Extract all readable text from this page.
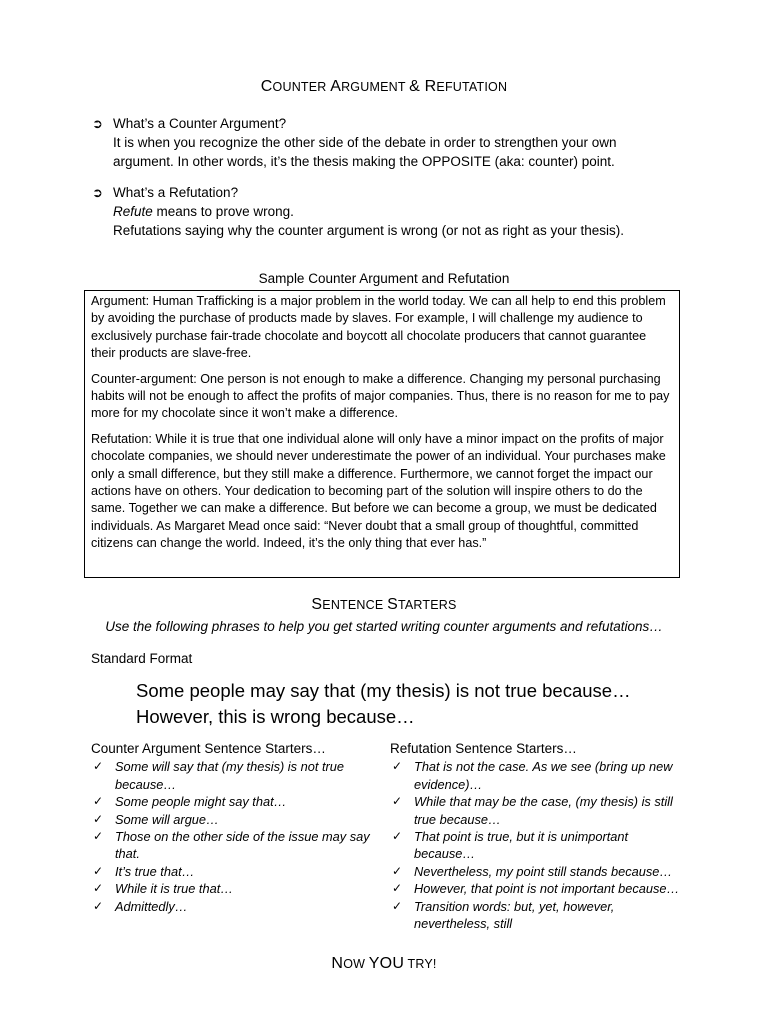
COUNTER ARGUMENT & REFUTATION
➲ What’s a Counter Argument?
It is when you recognize the other side of the debate in order to strengthen your own
argument. In other words, it’s the thesis making the OPPOSITE (aka: counter) point.
➲ What’s a Refutation?
Refute means to prove wrong.
Refutations saying why the counter argument is wrong (or not as right as your thesis).
Sample Counter Argument and Refutation

Argument: Human Trafficking is a major problem in the world today. We can all help to end this problem by avoiding the purchase of products made by slaves. For example, I will challenge my audience to exclusively purchase fair-trade chocolate and boycott all chocolate producers that cannot guarantee their products are slave-free.

Counter-argument: One person is not enough to make a difference. Changing my personal purchasing habits will not be enough to affect the profits of major companies. Thus, there is no reason for me to pay more for my chocolate since it won’t make a difference.

Refutation: While it is true that one individual alone will only have a minor impact on the profits of major chocolate companies, we should never underestimate the power of an individual. Your purchases make only a small difference, but they still make a difference. Furthermore, we cannot forget the impact our actions have on others. Your dedication to becoming part of the solution will inspire others to do the same. Together we can make a difference. But before we can become a group, we must be dedicated individuals. As Margaret Mead once said: “Never doubt that a small group of thoughtful, committed citizens can change the world. Indeed, it’s the only thing that ever has.”

SENTENCE STARTERS
Use the following phrases to help you get started writing counter arguments and refutations…
Standard Format
Some people may say that (my thesis) is not true because…
However, this is wrong because…
Counter Argument Sentence Starters…
✓ Some will say that (my thesis) is not true because…
✓ Some people might say that…
✓ Some will argue…
✓ Those on the other side of the issue may say that.
✓ It’s true that…
✓ While it is true that…
✓ Admittedly…
Refutation Sentence Starters…
✓ That is not the case. As we see (bring up new evidence)…
✓ While that may be the case, (my thesis) is still true because…
✓ That point is true, but it is unimportant because…
✓ Nevertheless, my point still stands because…
✓ However, that point is not important because…
✓ Transition words: but, yet, however, nevertheless, still
NOW YOU TRY!
